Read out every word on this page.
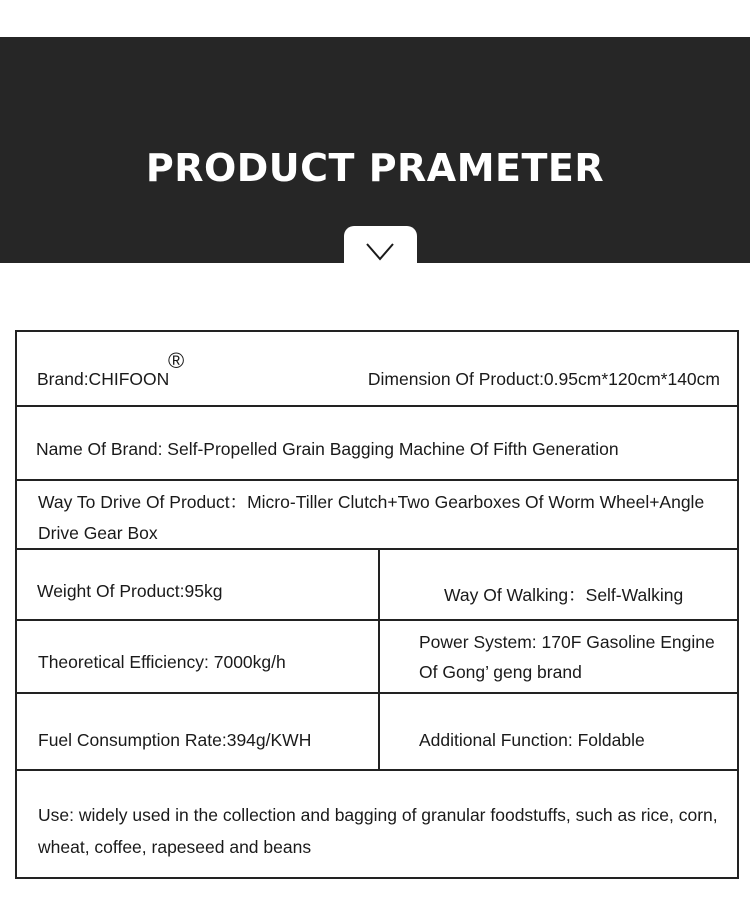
PRODUCT PRAMETER
Brand:CHIFOON
®
Dimension Of Product:0.95cm*120cm*140cm
Name Of Brand: Self-Propelled Grain Bagging Machine Of Fifth Generation
Way To Drive Of Product：Micro-Tiller Clutch+Two Gearboxes Of Worm Wheel+Angle
Drive Gear Box
Weight Of Product:95kg	Way Of Walking：Self-Walking
Theoretical Efficiency: 7000kg/h
Power System: 170F Gasoline Engine
Of Gong’ geng brand
Fuel Consumption Rate:394g/KWH	Additional Function: Foldable
Use: widely used in the collection and bagging of granular foodstuffs, such as rice, corn,
wheat, coffee, rapeseed and beans
